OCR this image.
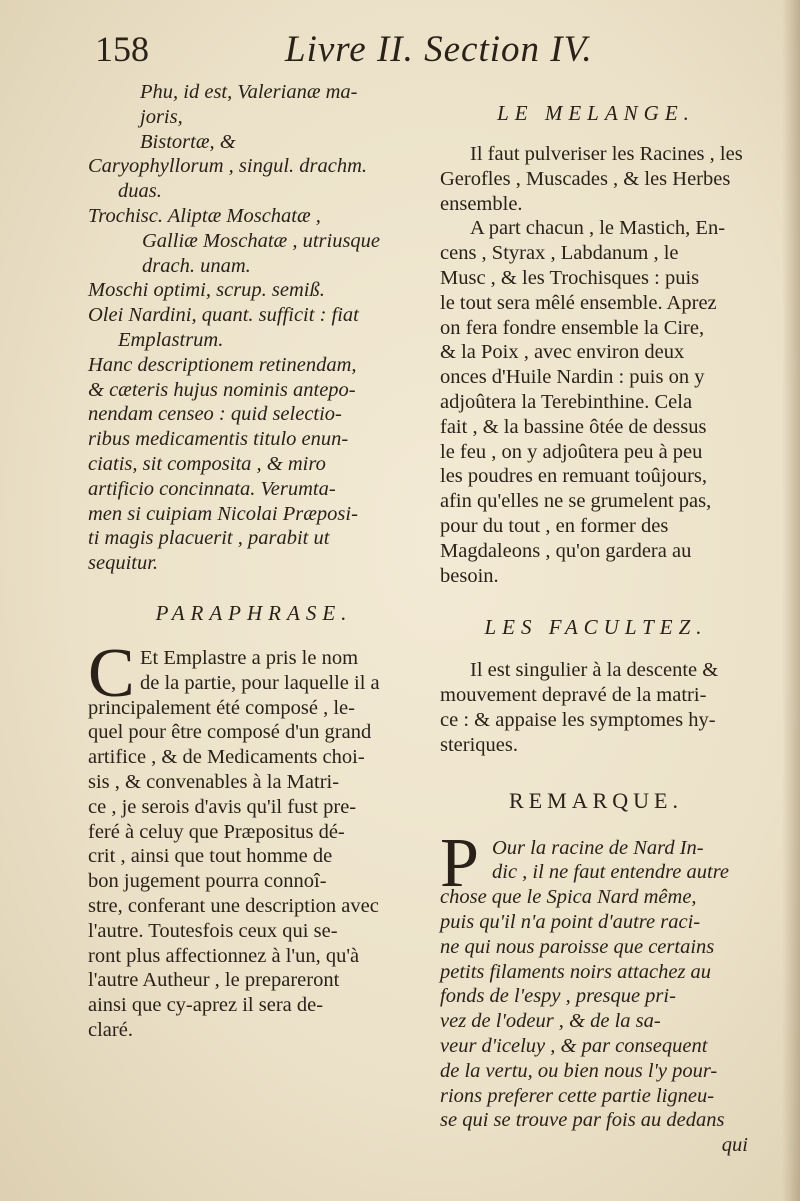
158	Livre II. Section IV.
Phu, id est, Valerianæ ma-
joris,
Bistortæ, &
Caryophyllorum , singul. drachm.
duas.
Trochisc. Aliptæ Moschatæ ,
Galliæ Moschatæ , utriusque
drach. unam.
Moschi optimi, scrup. semiß.
Olei Nardini, quant. sufficit : fiat
Emplastrum.
Hanc descriptionem retinendam,
& cæteris hujus nominis antepo-
nendam censeo : quid selectio-
ribus medicamentis titulo enun-
ciatis, sit composita , & miro
artificio concinnata. Verumta-
men si cuipiam Nicolai Præposi-
ti magis placuerit , parabit ut
sequitur.
PARAPHRASE.
C Et Emplastre a pris le nom
de la partie, pour laquelle il a
principalement été composé , le-
quel pour être composé d'un grand
artifice , & de Medicaments choi-
sis , & convenables à la Matri-
ce , je serois d'avis qu'il fust pre-
feré à celuy que Præpositus dé-
crit , ainsi que tout homme de
bon jugement pourra connoî-
stre, conferant une description avec
l'autre. Toutesfois ceux qui se-
ront plus affectionnez à l'un, qu'à
l'autre Autheur , le prepareront
ainsi que cy-aprez il sera de-
claré.
LE MELANGE.
Il faut pulveriser les Racines , les
Gerofles , Muscades , & les Herbes
ensemble.
A part chacun , le Mastich, En-
cens , Styrax , Labdanum , le
Musc , & les Trochisques : puis
le tout sera mêlé ensemble. Aprez
on fera fondre ensemble la Cire,
& la Poix , avec environ deux
onces d'Huile Nardin : puis on y
adjoûtera la Terebinthine. Cela
fait , & la bassine ôtée de dessus
le feu , on y adjoûtera peu à peu
les poudres en remuant toûjours,
afin qu'elles ne se grumelent pas,
pour du tout , en former des
Magdaleons , qu'on gardera au
besoin.
LES FACULTEZ.
Il est singulier à la descente &
mouvement depravé de la matri-
ce : & appaise les symptomes hy-
steriques.
REMARQUE.
P Our la racine de Nard In-
dic , il ne faut entendre autre
chose que le Spica Nard même,
puis qu'il n'a point d'autre raci-
ne qui nous paroisse que certains
petits filaments noirs attachez au
fonds de l'espy , presque pri-
vez de l'odeur , & de la sa-
veur d'iceluy , & par consequent
de la vertu, ou bien nous l'y pour-
rions preferer cette partie ligneu-
se qui se trouve par fois au dedans
qui
